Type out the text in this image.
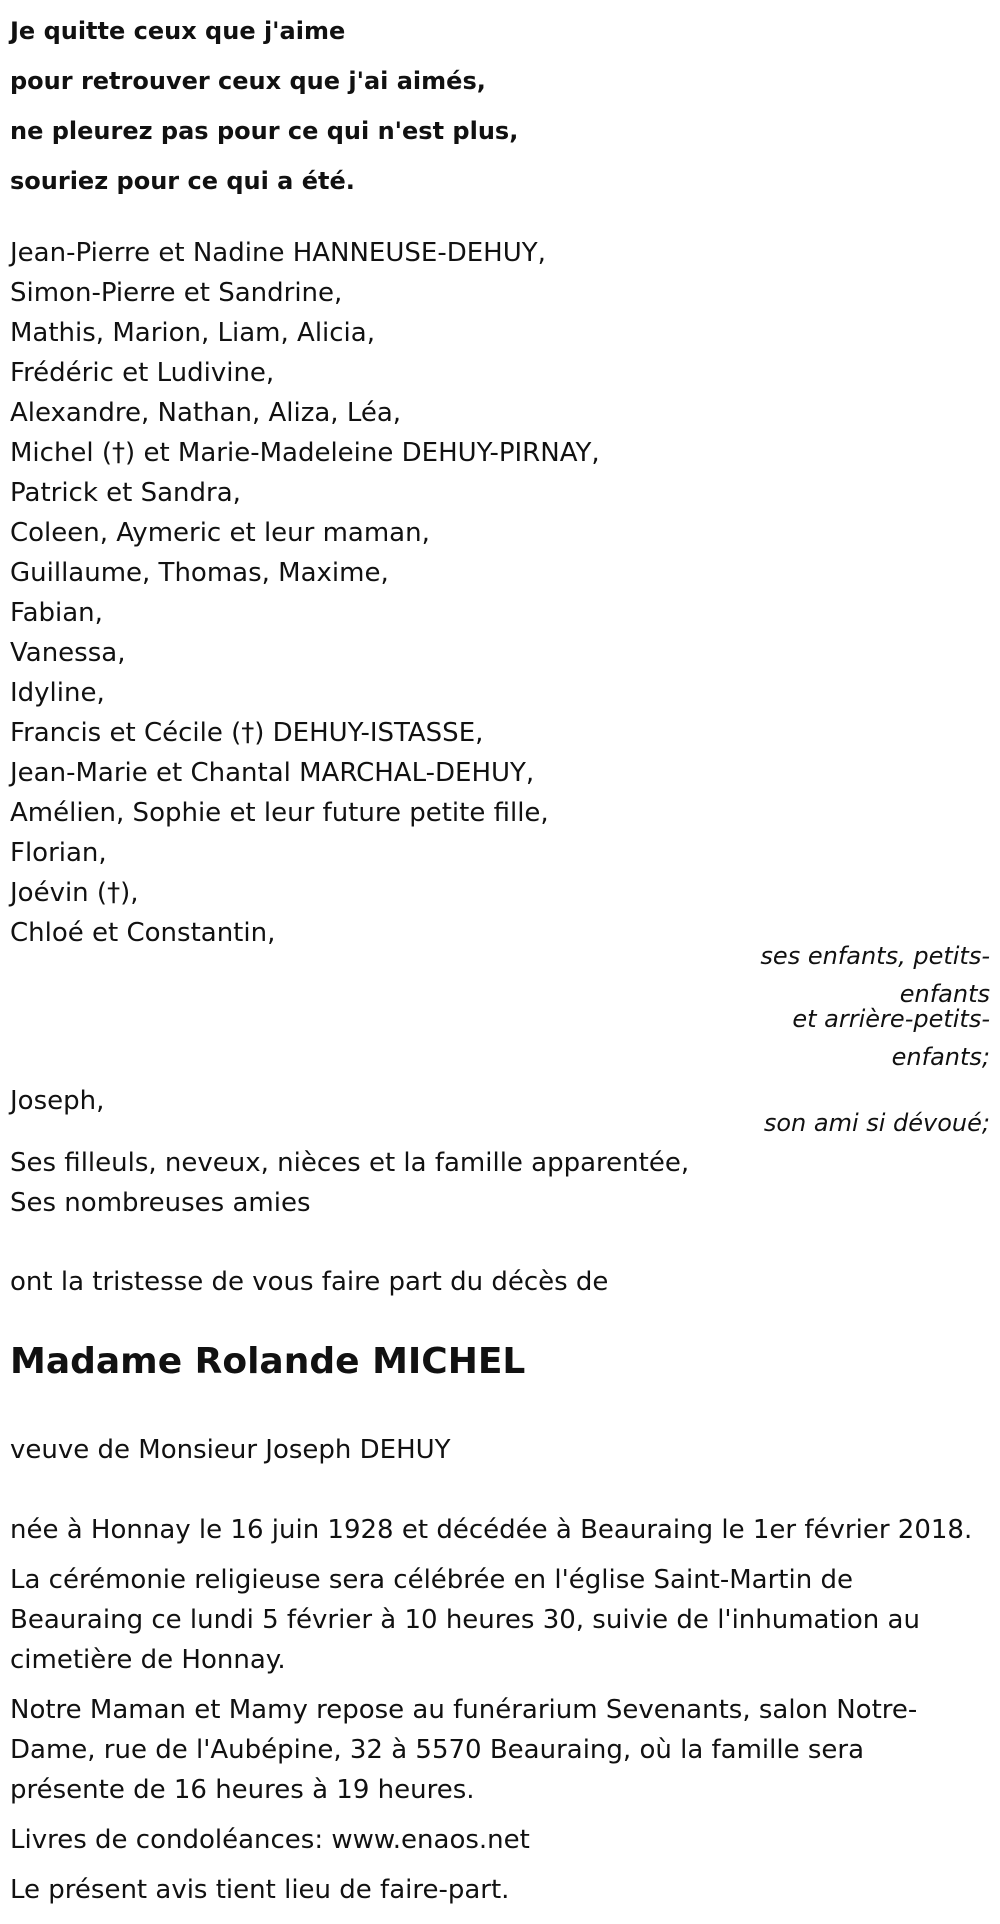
Je quitte ceux que j'aime
pour retrouver ceux que j'ai aimés,
ne pleurez pas pour ce qui n'est plus,
souriez pour ce qui a été.
Jean-Pierre et Nadine HANNEUSE-DEHUY,
Simon-Pierre et Sandrine,
Mathis, Marion, Liam, Alicia,
Frédéric et Ludivine,
Alexandre, Nathan, Aliza, Léa,
Michel (†) et Marie-Madeleine DEHUY-PIRNAY,
Patrick et Sandra,
Coleen, Aymeric et leur maman,
Guillaume, Thomas, Maxime,
Fabian,
Vanessa,
Idyline,
Francis et Cécile (†) DEHUY-ISTASSE,
Jean-Marie et Chantal MARCHAL-DEHUY,
Amélien, Sophie et leur future petite fille,
Florian,
Joévin (†),
Chloé et Constantin,
ses enfants, petits-enfants
et arrière-petits-enfants;
Joseph,
son ami si dévoué;
Ses filleuls, neveux, nièces et la famille apparentée,
Ses nombreuses amies
ont la tristesse de vous faire part du décès de
Madame Rolande MICHEL
veuve de Monsieur Joseph DEHUY

née à Honnay le 16 juin 1928 et décédée à Beauraing le 1er février 2018.

La cérémonie religieuse sera célébrée en l'église Saint-Martin de Beauraing ce lundi 5 février à 10 heures 30, suivie de l'inhumation au cimetière de Honnay.

Notre Maman et Mamy repose au funérarium Sevenants, salon Notre-Dame, rue de l'Aubépine, 32 à 5570 Beauraing, où la famille sera présente de 16 heures à 19 heures.

Livres de condoléances: www.enaos.net

Le présent avis tient lieu de faire-part.
